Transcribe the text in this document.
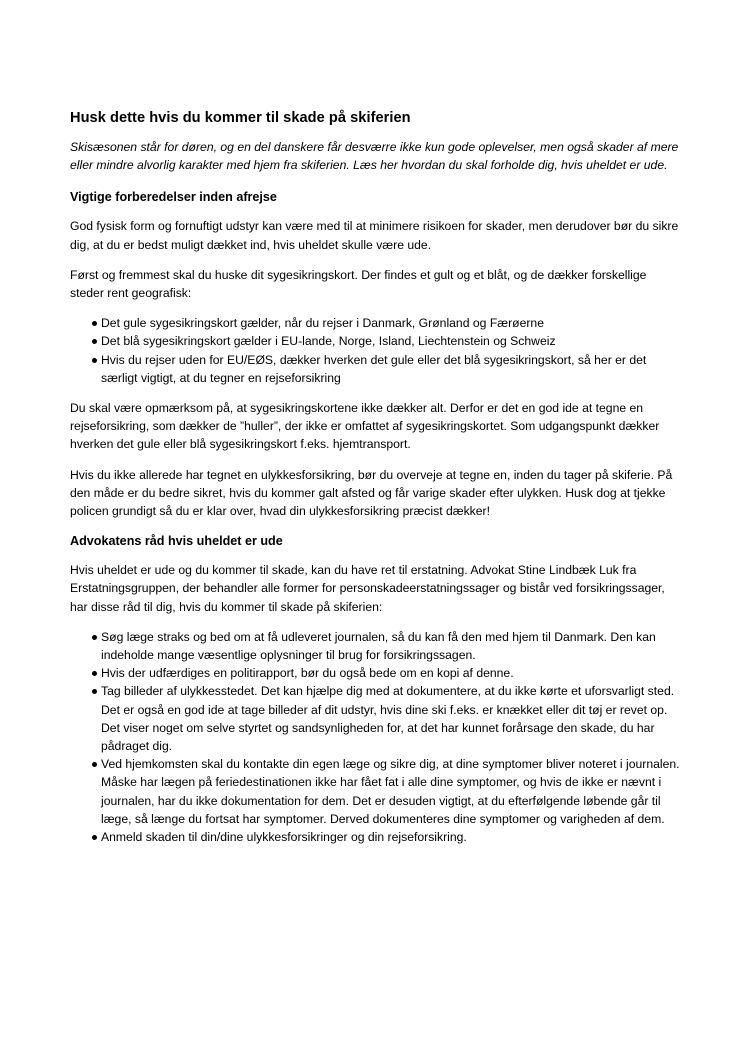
Husk dette hvis du kommer til skade på skiferien

Skisæsonen står for døren, og en del danskere får desværre ikke kun gode oplevelser, men også skader af mere eller mindre alvorlig karakter med hjem fra skiferien. Læs her hvordan du skal forholde dig, hvis uheldet er ude.

Vigtige forberedelser inden afrejse

God fysisk form og fornuftigt udstyr kan være med til at minimere risikoen for skader, men derudover bør du sikre dig, at du er bedst muligt dækket ind, hvis uheldet skulle være ude.

Først og fremmest skal du huske dit sygesikringskort. Der findes et gult og et blåt, og de dækker forskellige steder rent geografisk:

Det gule sygesikringskort gælder, når du rejser i Danmark, Grønland og Færøerne
Det blå sygesikringskort gælder i EU-lande, Norge, Island, Liechtenstein og Schweiz
Hvis du rejser uden for EU/EØS, dækker hverken det gule eller det blå sygesikringskort, så her er det særligt vigtigt, at du tegner en rejseforsikring

Du skal være opmærksom på, at sygesikringskortene ikke dækker alt. Derfor er det en god ide at tegne en rejseforsikring, som dækker de ”huller”, der ikke er omfattet af sygesikringskortet. Som udgangspunkt dækker hverken det gule eller blå sygesikringskort f.eks. hjemtransport.

Hvis du ikke allerede har tegnet en ulykkesforsikring, bør du overveje at tegne en, inden du tager på skiferie. På den måde er du bedre sikret, hvis du kommer galt afsted og får varige skader efter ulykken. Husk dog at tjekke policen grundigt så du er klar over, hvad din ulykkesforsikring præcist dækker!

Advokatens råd hvis uheldet er ude

Hvis uheldet er ude og du kommer til skade, kan du have ret til erstatning. Advokat Stine Lindbæk Luk fra Erstatningsgruppen, der behandler alle former for personskadeerstatningssager og bistår ved forsikringssager, har disse råd til dig, hvis du kommer til skade på skiferien:

Søg læge straks og bed om at få udleveret journalen, så du kan få den med hjem til Danmark. Den kan indeholde mange væsentlige oplysninger til brug for forsikringssagen.
Hvis der udfærdiges en politirapport, bør du også bede om en kopi af denne.
Tag billeder af ulykkesstedet. Det kan hjælpe dig med at dokumentere, at du ikke kørte et uforsvarligt sted. Det er også en god ide at tage billeder af dit udstyr, hvis dine ski f.eks. er knækket eller dit tøj er revet op. Det viser noget om selve styrtet og sandsynligheden for, at det har kunnet forårsage den skade, du har pådraget dig.
Ved hjemkomsten skal du kontakte din egen læge og sikre dig, at dine symptomer bliver noteret i journalen. Måske har lægen på feriedestinationen ikke har fået fat i alle dine symptomer, og hvis de ikke er nævnt i journalen, har du ikke dokumentation for dem. Det er desuden vigtigt, at du efterfølgende løbende går til læge, så længe du fortsat har symptomer. Derved dokumenteres dine symptomer og varigheden af dem.
Anmeld skaden til din/dine ulykkesforsikringer og din rejseforsikring.
